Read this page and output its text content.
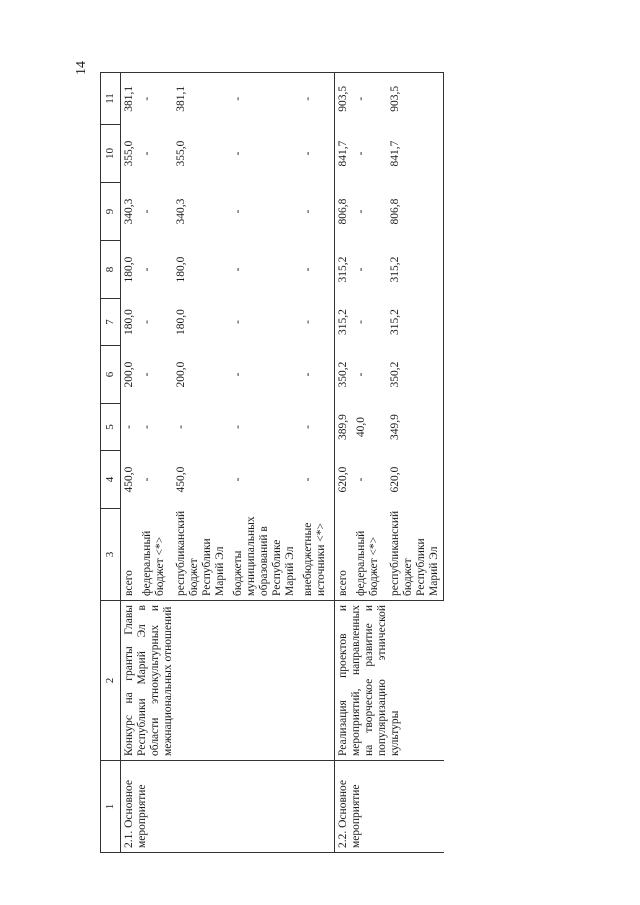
14
1	2	3	4	5	6	7	8	9	10	11
2.1. Основное мероприятие	Конкурс на гранты Главы Республики Марий Эл в области этнокультурных и межнациональных отношений	всего	450,0	-	200,0	180,0	180,0	340,3	355,0	381,1
		федеральный бюджет <*>	-	-	-	-	-	-	-	-
		республиканский бюджет Республики Марий Эл	450,0	-	200,0	180,0	180,0	340,3	355,0	381,1
		бюджеты муниципальных образований в Республике Марий Эл	-	-	-	-	-	-	-	-
		внебюджетные источники <*>	-	-	-	-	-	-	-	-
2.2. Основное мероприятие	Реализация проектов и мероприятий, направленных на творческое развитие и популяризацию этнической культуры	всего	620,0	389,9	350,2	315,2	315,2	806,8	841,7	903,5
		федеральный бюджет <*>	-	40,0	-	-	-	-	-	-
		республиканский бюджет Республики Марий Эл	620,0	349,9	350,2	315,2	315,2	806,8	841,7	903,5
